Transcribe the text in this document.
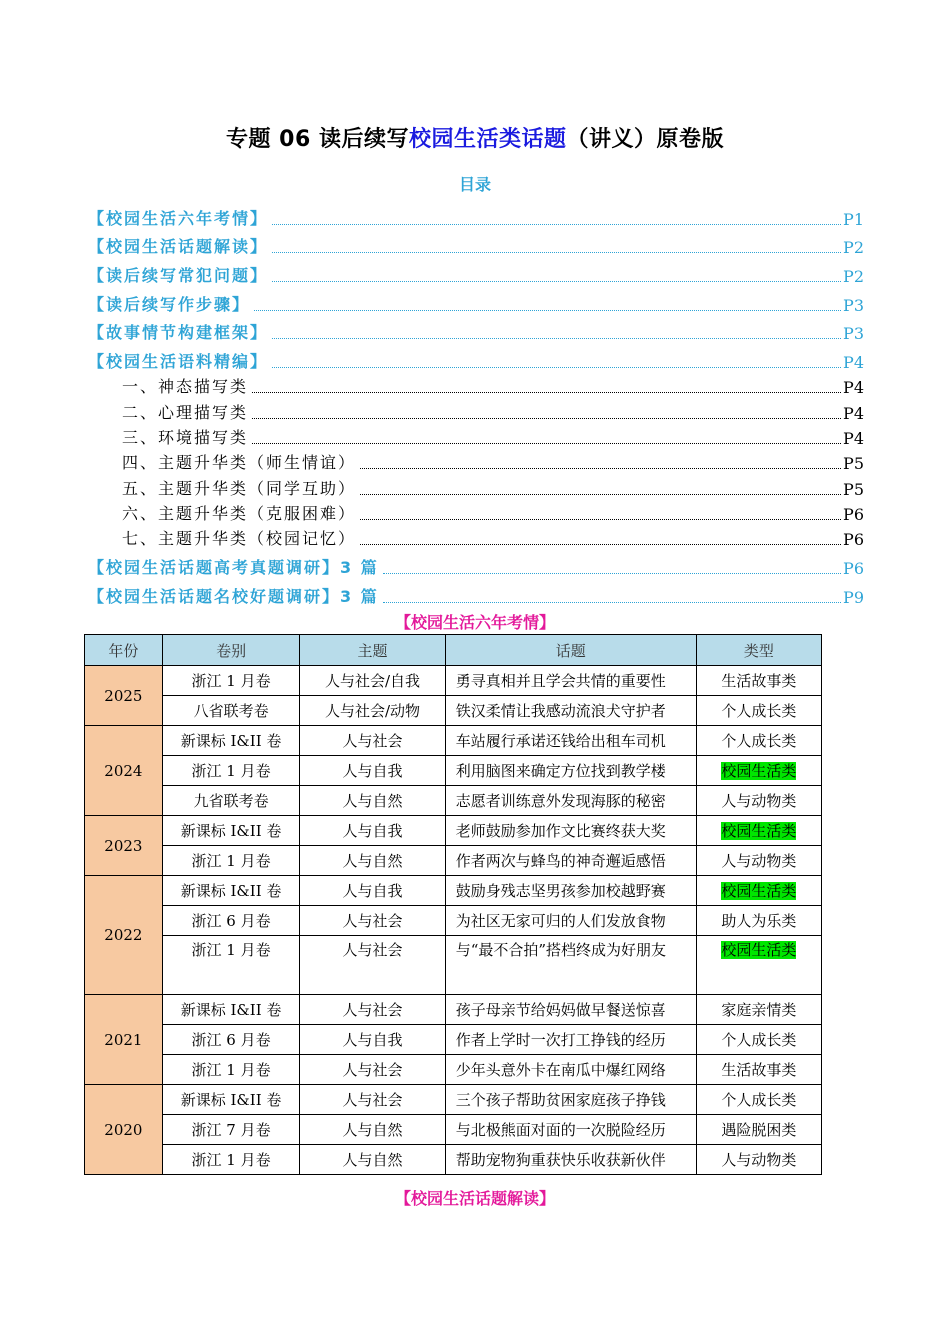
专题 06 读后续写校园生活类话题（讲义）原卷版
目录
【校园生活六年考情】	P1
【校园生活话题解读】	P2
【读后续写常犯问题】	P2
【读后续写作步骤】	P3
【故事情节构建框架】	P3
【校园生活语料精编】	P4
一、神态描写类	P4
二、心理描写类	P4
三、环境描写类	P4
四、主题升华类（师生情谊）	P5
五、主题升华类（同学互助）	P5
六、主题升华类（克服困难）	P6
七、主题升华类（校园记忆）	P6
【校园生活话题高考真题调研】3 篇	P6
【校园生活话题名校好题调研】3 篇	P9
【校园生活六年考情】
年份	卷别	主题	话题	类型
2025	浙江 1 月卷	人与社会/自我	勇寻真相并且学会共情的重要性	生活故事类
	八省联考卷	人与社会/动物	铁汉柔情让我感动流浪犬守护者	个人成长类
2024	新课标 I&II 卷	人与社会	车站履行承诺还钱给出租车司机	个人成长类
	浙江 1 月卷	人与自我	利用脑图来确定方位找到教学楼	校园生活类
	九省联考卷	人与自然	志愿者训练意外发现海豚的秘密	人与动物类
2023	新课标 I&II 卷	人与自我	老师鼓励参加作文比赛终获大奖	校园生活类
	浙江 1 月卷	人与自然	作者两次与蜂鸟的神奇邂逅感悟	人与动物类
2022	新课标 I&II 卷	人与自我	鼓励身残志坚男孩参加校越野赛	校园生活类
	浙江 6 月卷	人与社会	为社区无家可归的人们发放食物	助人为乐类
	浙江 1 月卷	人与社会	与“最不合拍”搭档终成为好朋友	校园生活类
2021	新课标 I&II 卷	人与社会	孩子母亲节给妈妈做早餐送惊喜	家庭亲情类
	浙江 6 月卷	人与自我	作者上学时一次打工挣钱的经历	个人成长类
	浙江 1 月卷	人与社会	少年头意外卡在南瓜中爆红网络	生活故事类
2020	新课标 I&II 卷	人与社会	三个孩子帮助贫困家庭孩子挣钱	个人成长类
	浙江 7 月卷	人与自然	与北极熊面对面的一次脱险经历	遇险脱困类
	浙江 1 月卷	人与自然	帮助宠物狗重获快乐收获新伙伴	人与动物类
【校园生活话题解读】
